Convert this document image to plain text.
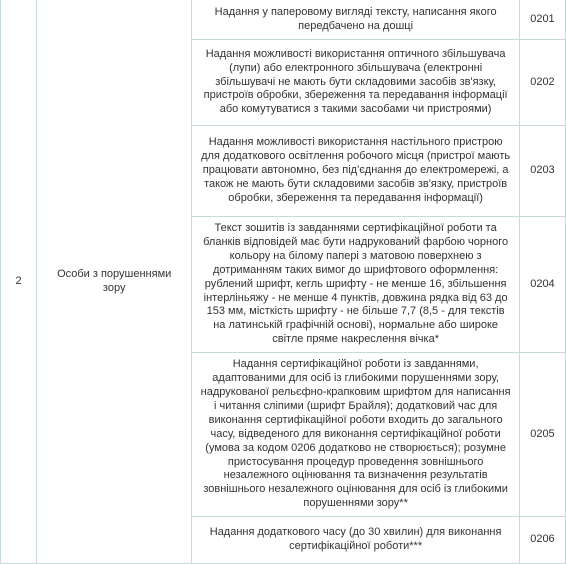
2	Особи з порушеннями зору	Надання у паперовому вигляді тексту, написання якого передбачено на дошці	0201

		Надання можливості використання оптичного збільшувача (лупи) або електронного збільшувача (електронні збільшувачі не мають бути складовими засобів зв'язку, пристроїв обробки, збереження та передавання інформації або комутуватися з такими засобами чи пристроями)	0202

		Надання можливості використання настільного пристрою для додаткового освітлення робочого місця (пристрої мають працювати автономно, без під'єднання до електромережі, а також не мають бути складовими засобів зв'язку, пристроїв обробки, збереження та передавання інформації)	0203

		Текст зошитів із завданнями сертифікаційної роботи та бланків відповідей має бути надрукований фарбою чорного кольору на білому папері з матовою поверхнею з дотриманням таких вимог до шрифтового оформлення: рублений шрифт, кегль шрифту - не менше 16, збільшення інтерліньяжу - не менше 4 пунктів, довжина рядка від 63 до 153 мм, місткість шрифту - не більше 7,7 (8,5 - для текстів на латинській графічній основі), нормальне або широке світле пряме накреслення вічка*	0204

		Надання сертифікаційної роботи із завданнями, адаптованими для осіб із глибокими порушеннями зору, надрукованої рельєфно-крапковим шрифтом для написання і читання сліпими (шрифт Брайля); додатковий час для виконання сертифікаційної роботи входить до загального часу, відведеного для виконання сертифікаційної роботи (умова за кодом 0206 додатково не створюється); розумне пристосування процедур проведення зовнішнього незалежного оцінювання та визначення результатів зовнішнього незалежного оцінювання для осіб із глибокими порушеннями зору**	0205

		Надання додаткового часу (до 30 хвилин) для виконання сертифікаційної роботи***	0206
